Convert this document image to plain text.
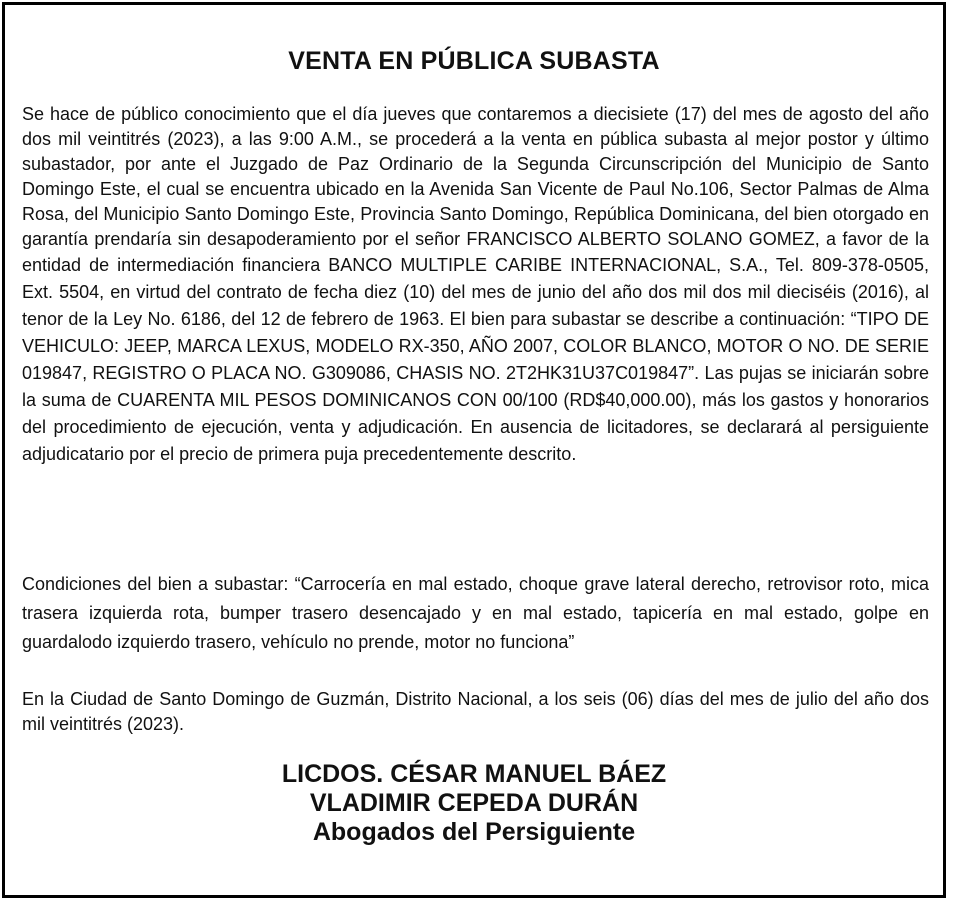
VENTA EN PÚBLICA SUBASTA
Se hace de público conocimiento que el día jueves que contaremos a diecisiete (17) del mes de agosto del año dos mil veintitrés (2023), a las 9:00 A.M., se procederá a la venta en pública subasta al mejor postor y último subastador, por ante el Juzgado de Paz Ordinario de la Segunda Circunscripción del Municipio de Santo Domingo Este, el cual se encuentra ubicado en la Avenida San Vicente de Paul No.106, Sector Palmas de Alma Rosa, del Municipio Santo Domingo Este, Provincia Santo Domingo, República Dominicana, del bien otorgado en garantía prendaría sin desapoderamiento por el señor FRANCISCO ALBERTO SOLANO GOMEZ, a favor de la entidad de intermediación financiera BANCO MULTIPLE CARIBE INTERNACIONAL, S.A., Tel. 809-378-0505, Ext. 5504, en virtud del contrato de fecha diez (10) del mes de junio del año dos mil dos mil dieciséis (2016), al tenor de la Ley No. 6186, del 12 de febrero de 1963. El bien para subastar se describe a continuación: “TIPO DE VEHICULO: JEEP, MARCA LEXUS, MODELO RX-350, AÑO 2007, COLOR BLANCO, MOTOR O NO. DE SERIE 019847, REGISTRO O PLACA NO. G309086, CHASIS NO. 2T2HK31U37C019847”. Las pujas se iniciarán sobre la suma de CUARENTA MIL PESOS DOMINICANOS CON 00/100 (RD$40,000.00), más los gastos y honorarios del procedimiento de ejecución, venta y adjudicación. En ausencia de licitadores, se declarará al persiguiente adjudicatario por el precio de primera puja precedentemente descrito.
Condiciones del bien a subastar: “Carrocería en mal estado, choque grave lateral derecho, retrovisor roto, mica trasera izquierda rota, bumper trasero desencajado y en mal estado, tapicería en mal estado, golpe en guardalodo izquierdo trasero, vehículo no prende, motor no funciona”
En la Ciudad de Santo Domingo de Guzmán, Distrito Nacional, a los seis (06) días del mes de julio del año dos mil veintitrés (2023).
LICDOS. CÉSAR MANUEL BÁEZ
VLADIMIR CEPEDA DURÁN
Abogados del Persiguiente
